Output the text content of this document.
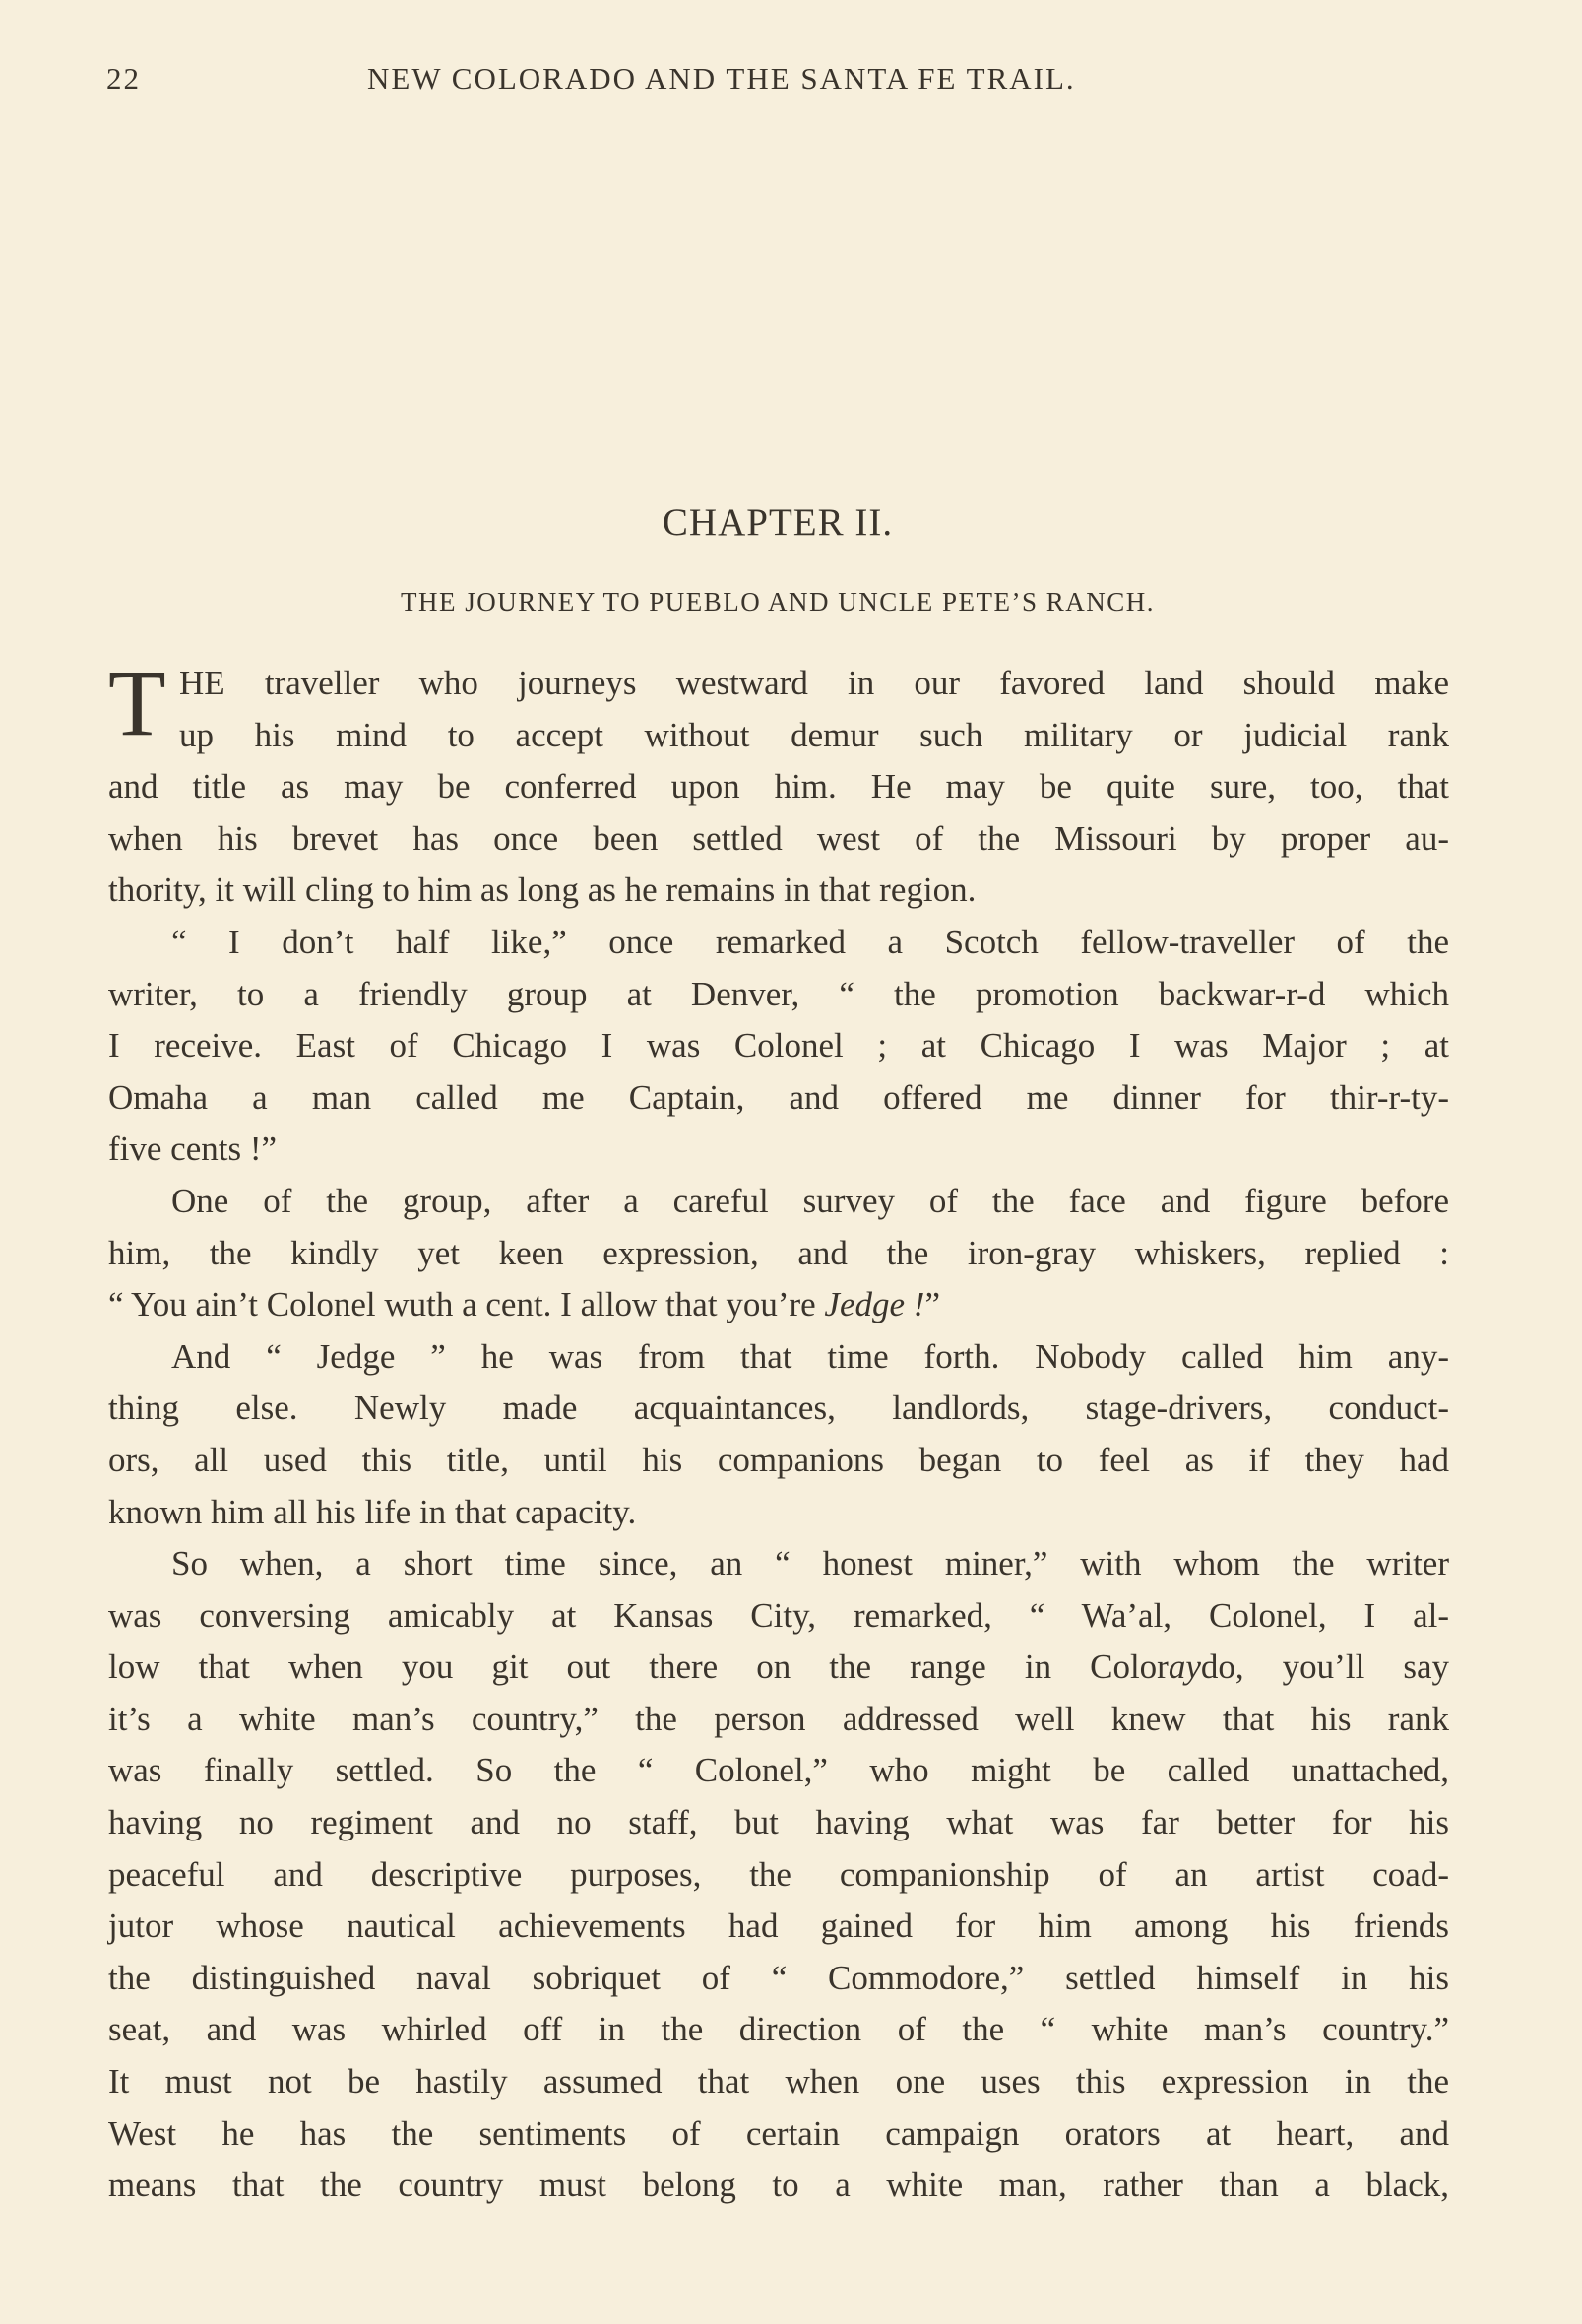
22	NEW COLORADO AND THE SANTA FE TRAIL.
CHAPTER II.
THE JOURNEY TO PUEBLO AND UNCLE PETE’S RANCH.
T HE traveller who journeys westward in our favored land should make
up his mind to accept without demur such military or judicial rank
and title as may be conferred upon him. He may be quite sure, too, that
when his brevet has once been settled west of the Missouri by proper au-
thority, it will cling to him as long as he remains in that region.
“ I don’t half like,” once remarked a Scotch fellow-traveller of the
writer, to a friendly group at Denver, “ the promotion backwar-r-d which
I receive. East of Chicago I was Colonel ; at Chicago I was Major ; at
Omaha a man called me Captain, and offered me dinner for thir-r-ty-
five cents !”
One of the group, after a careful survey of the face and figure before
him, the kindly yet keen expression, and the iron-gray whiskers, replied :
“ You ain’t Colonel wuth a cent. I allow that you’re Jedge !”
And “ Jedge ” he was from that time forth. Nobody called him any-
thing else. Newly made acquaintances, landlords, stage-drivers, conduct-
ors, all used this title, until his companions began to feel as if they had
known him all his life in that capacity.
So when, a short time since, an “ honest miner,” with whom the writer
was conversing amicably at Kansas City, remarked, “ Wa’al, Colonel, I al-
low that when you git out there on the range in Coloraydo, you’ll say
it’s a white man’s country,” the person addressed well knew that his rank
was finally settled. So the “ Colonel,” who might be called unattached,
having no regiment and no staff, but having what was far better for his
peaceful and descriptive purposes, the companionship of an artist coad-
jutor whose nautical achievements had gained for him among his friends
the distinguished naval sobriquet of “ Commodore,” settled himself in his
seat, and was whirled off in the direction of the “ white man’s country.”
It must not be hastily assumed that when one uses this expression in the
West he has the sentiments of certain campaign orators at heart, and
means that the country must belong to a white man, rather than a black,
